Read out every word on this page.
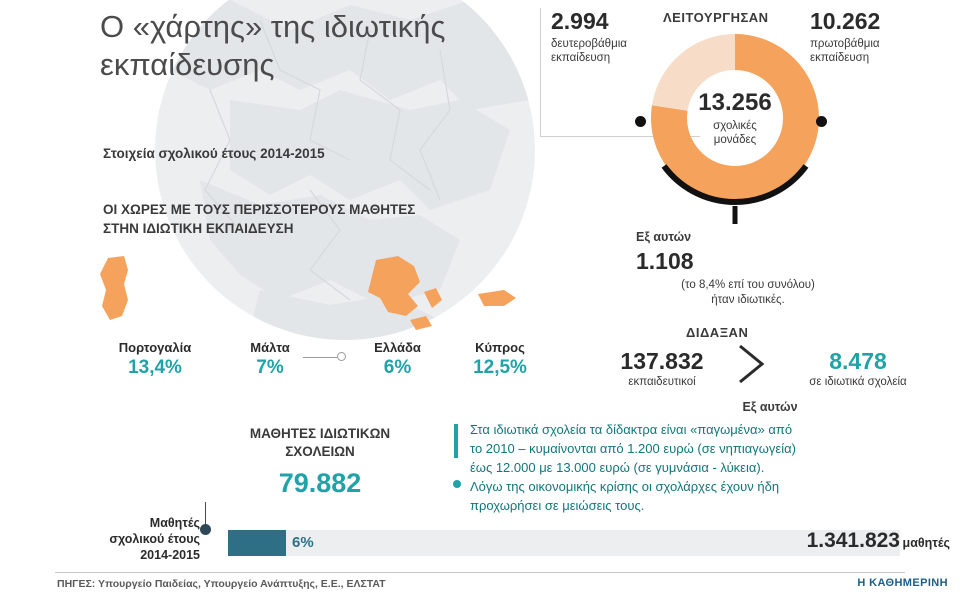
Ο «χάρτης» της ιδιωτικής εκπαίδευσης
Στοιχεία σχολικού έτους 2014-2015
ΟΙ ΧΩΡΕΣ ΜΕ ΤΟΥΣ ΠΕΡΙΣΣΟΤΕΡΟΥΣ ΜΑΘΗΤΕΣ ΣΤΗΝ ΙΔΙΩΤΙΚΗ ΕΚΠΑΙΔΕΥΣΗ
Πορτογαλία
13,4%
Μάλτα
7%
Ελλάδα
6%
Κύπρος
12,5%
ΛΕΙΤΟΥΡΓΗΣΑΝ
13.256
σχολικές
μονάδες
2.994
δευτεροβάθμια
εκπαίδευση
10.262
πρωτοβάθμια
εκπαίδευση
Εξ αυτών
1.108
(το 8,4% επί του συνόλου)
ήταν ιδιωτικές.
ΔΙΔΑΞΑΝ
137.832
εκπαιδευτικοί
8.478
σε ιδιωτικά σχολεία
Εξ αυτών
Στα ιδιωτικά σχολεία τα δίδακτρα είναι «παγωμένα» από
το 2010 – κυμαίνονται από 1.200 ευρώ (σε νηπιαγωγεία)
έως 12.000 με 13.000 ευρώ (σε γυμνάσια - λύκεια).
Λόγω της οικονομικής κρίσης οι σχολάρχες έχουν ήδη
προχωρήσει σε μειώσεις τους.
ΜΑΘΗΤΕΣ ΙΔΙΩΤΙΚΩΝ
ΣΧΟΛΕΙΩΝ
79.882
Μαθητές
σχολικού έτους
2014-2015
6%	1.341.823 μαθητές
ΠΗΓΕΣ: Υπουργείο Παιδείας, Υπουργείο Ανάπτυξης, Ε.Ε., ΕΛΣΤΑΤ	Η ΚΑΘΗΜΕΡΙΝΗ
